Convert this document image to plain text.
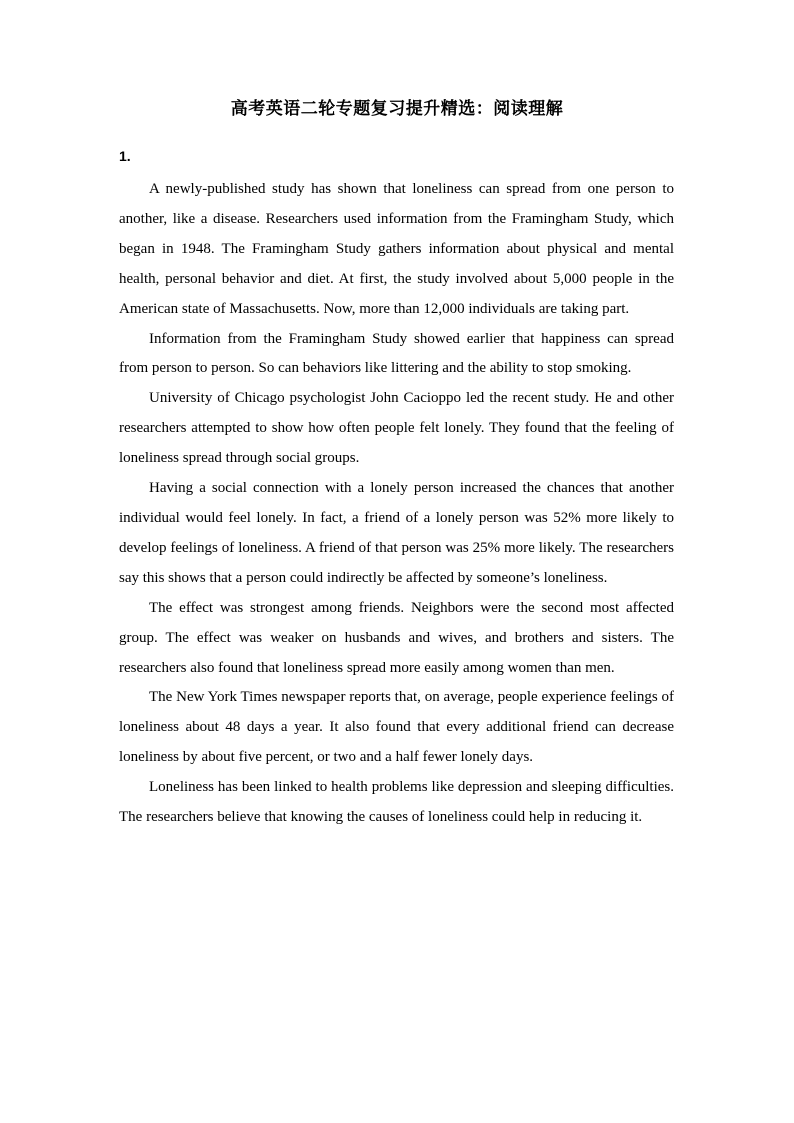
高考英语二轮专题复习提升精选：阅读理解
1.

A newly-published study has shown that loneliness can spread from one person to another, like a disease. Researchers used information from the Framingham Study, which began in 1948. The Framingham Study gathers information about physical and mental health, personal behavior and diet. At first, the study involved about 5,000 people in the American state of Massachusetts. Now, more than 12,000 individuals are taking part.

Information from the Framingham Study showed earlier that happiness can spread from person to person. So can behaviors like littering and the ability to stop smoking.

University of Chicago psychologist John Cacioppo led the recent study. He and other researchers attempted to show how often people felt lonely. They found that the feeling of loneliness spread through social groups.

Having a social connection with a lonely person increased the chances that another individual would feel lonely. In fact, a friend of a lonely person was 52% more likely to develop feelings of loneliness. A friend of that person was 25% more likely. The researchers say this shows that a person could indirectly be affected by someone’s loneliness.

The effect was strongest among friends. Neighbors were the second most affected group. The effect was weaker on husbands and wives, and brothers and sisters. The researchers also found that loneliness spread more easily among women than men.

The New York Times newspaper reports that, on average, people experience feelings of loneliness about 48 days a year. It also found that every additional friend can decrease loneliness by about five percent, or two and a half fewer lonely days.

Loneliness has been linked to health problems like depression and sleeping difficulties. The researchers believe that knowing the causes of loneliness could help in reducing it.
